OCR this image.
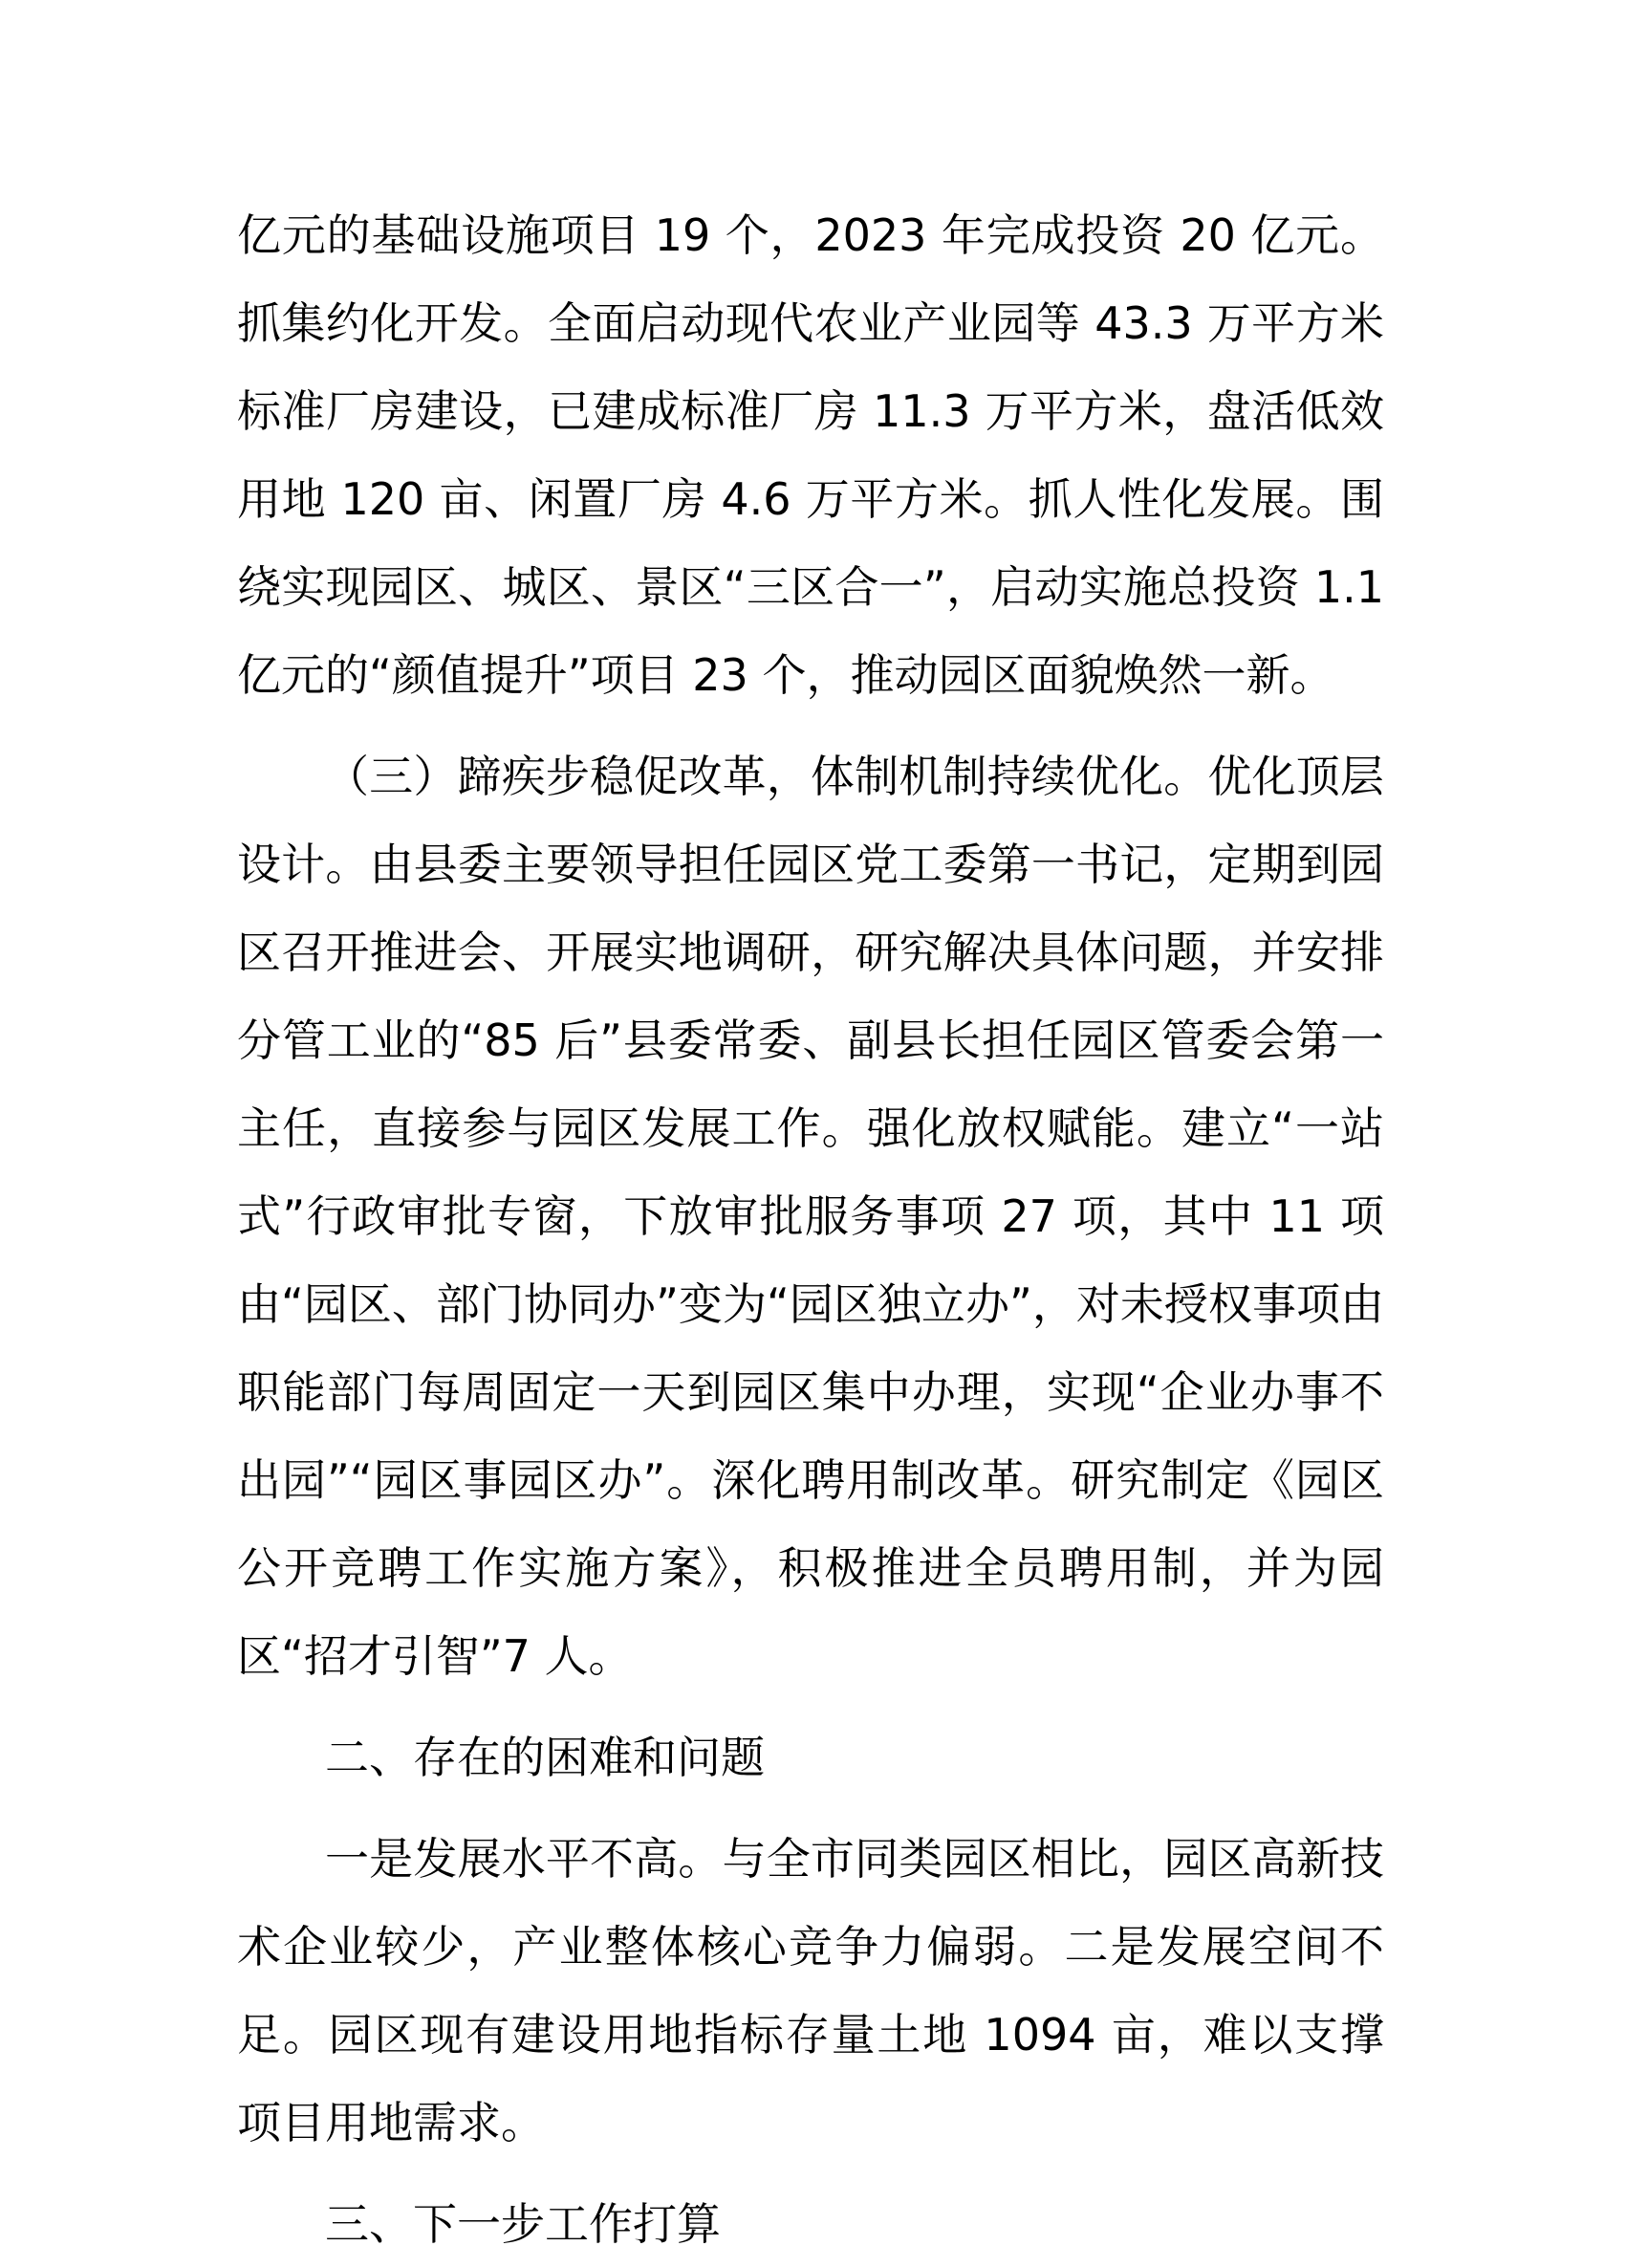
亿元的基础设施项目 19 个，2023 年完成投资 20 亿元。抓集约化开发。全面启动现代农业产业园等 43.3 万平方米标准厂房建设，已建成标准厂房 11.3 万平方米，盘活低效用地 120 亩、闲置厂房 4.6 万平方米。抓人性化发展。围绕实现园区、城区、景区“三区合一”，启动实施总投资 1.1 亿元的“颜值提升”项目 23 个，推动园区面貌焕然一新。

（三）蹄疾步稳促改革，体制机制持续优化。优化顶层设计。由县委主要领导担任园区党工委第一书记，定期到园区召开推进会、开展实地调研，研究解决具体问题，并安排分管工业的“85 后”县委常委、副县长担任园区管委会第一主任，直接参与园区发展工作。强化放权赋能。建立“一站式”行政审批专窗，下放审批服务事项 27 项，其中 11 项由“园区、部门协同办”变为“园区独立办”，对未授权事项由职能部门每周固定一天到园区集中办理，实现“企业办事不出园”“园区事园区办”。深化聘用制改革。研究制定《园区公开竞聘工作实施方案》，积极推进全员聘用制，并为园区“招才引智”7 人。

二、存在的困难和问题

一是发展水平不高。与全市同类园区相比，园区高新技术企业较少，产业整体核心竞争力偏弱。二是发展空间不足。园区现有建设用地指标存量土地 1094 亩，难以支撑项目用地需求。

三、下一步工作打算
